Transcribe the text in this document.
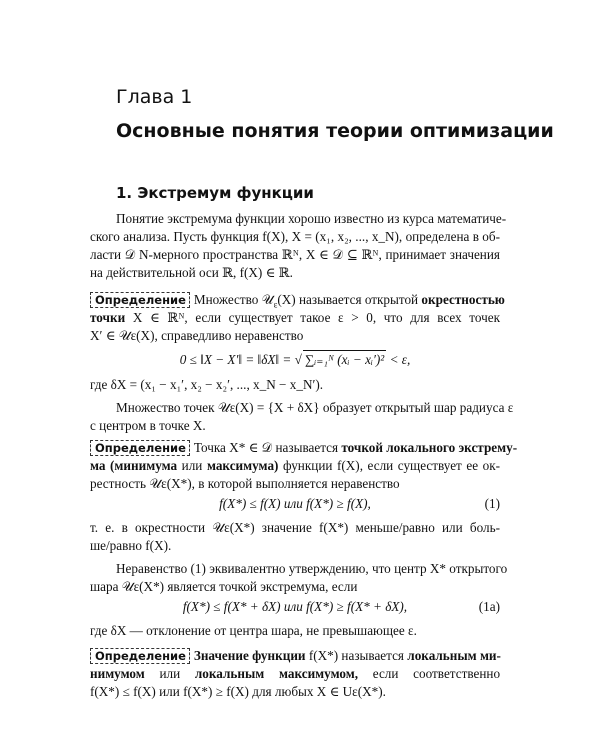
Глава 1
Основные понятия теории оптимизации
1. Экстремум функции

Понятие экстремума функции хорошо известно из курса математиче-

ского анализа. Пусть функция f(X), X = (x₁, x₂, ..., x_N), определена в об-

ласти 𝒟 N-мерного пространства ℝᴺ, X ∈ 𝒟 ⊆ ℝᴺ, принимает значения

на действительной оси ℝ, f(X) ∈ ℝ.

Определение Множество 𝒰$_\varepsilon$(X) называется открытой окрестностью

точки X ∈ ℝᴺ, если существует такое ε > 0, что для всех точек

X′ ∈ 𝒰ε(X), справедливо неравенство

0 ≤ ‖X − X′‖ = ‖δX‖ = √ ∑ᵢ₌₁ᴺ (xᵢ − xᵢ′)² < ε,

где δX = (x₁ − x₁′, x₂ − x₂′, ..., x_N − x_N′).

Множество точек 𝒰ε(X) = {X + δX} образует открытый шар радиуса ε

с центром в точке X.

Определение Точка X* ∈ 𝒟 называется точкой локального экстрему-

ма (минимума или максимума) функции f(X), если существует ее ок-

рестность 𝒰ε(X*), в которой выполняется неравенство

f(X*) ≤ f(X) или f(X*) ≥ f(X),	(1)

т. е. в окрестности 𝒰ε(X*) значение f(X*) меньше/равно или боль-

ше/равно f(X).

Неравенство (1) эквивалентно утверждению, что центр X* открытого

шара 𝒰ε(X*) является точкой экстремума, если

f(X*) ≤ f(X* + δX) или f(X*) ≥ f(X* + δX),	(1а)

где δX — отклонение от центра шара, не превышающее ε.

Определение Значение функции f(X*) называется локальным ми-

нимумом или локальным максимумом, если соответственно

f(X*) ≤ f(X) или f(X*) ≥ f(X) для любых X ∈ Uε(X*).
